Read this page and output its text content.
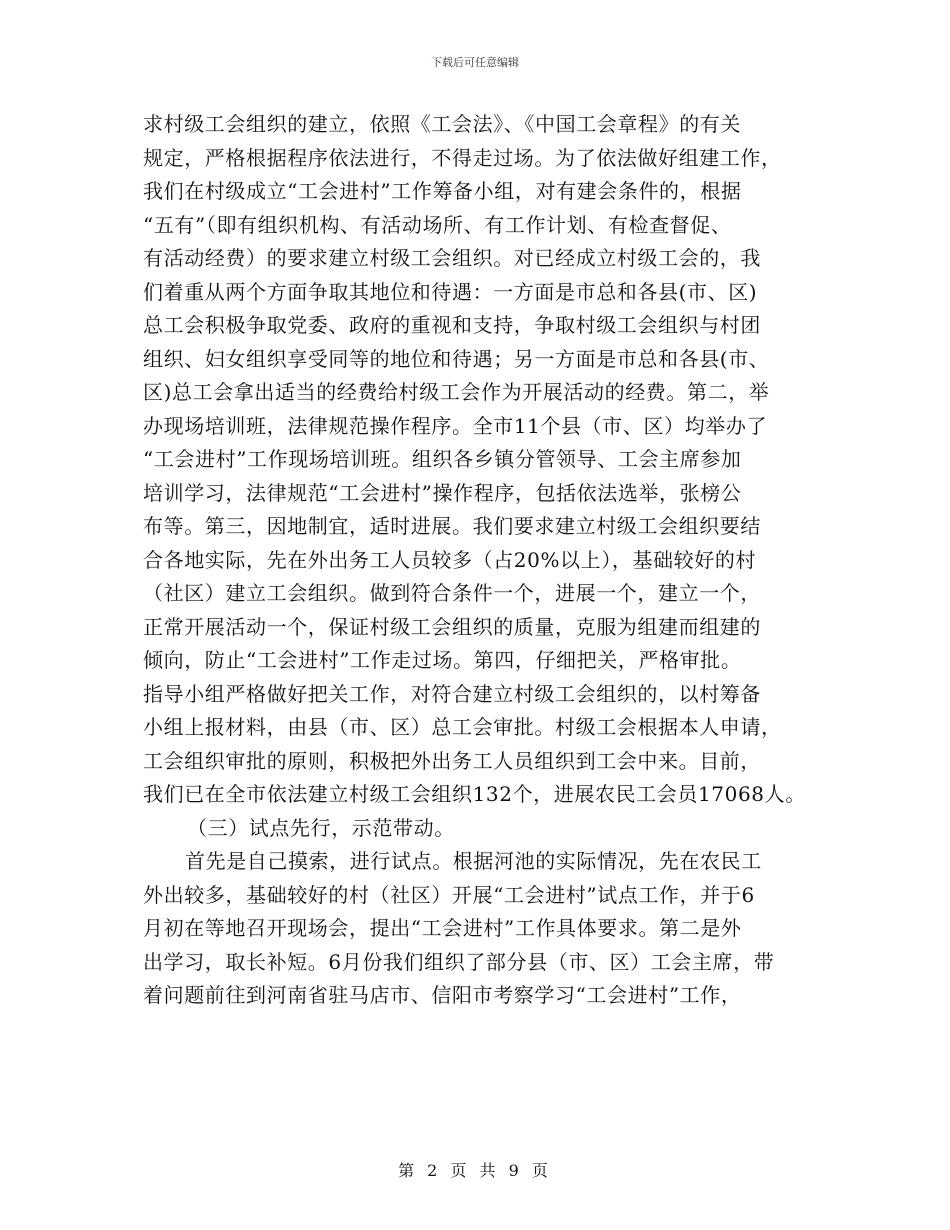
下载后可任意编辑
求村级工会组织的建立，依照《工会法》、《中国工会章程》的有关
规定，严格根据程序依法进行，不得走过场。为了依法做好组建工作，
我们在村级成立“工会进村”工作筹备小组，对有建会条件的，根据
“五有”（即有组织机构、有活动场所、有工作计划、有检查督促、
有活动经费）的要求建立村级工会组织。对已经成立村级工会的，我
们着重从两个方面争取其地位和待遇：一方面是市总和各县(市、区)
总工会积极争取党委、政府的重视和支持，争取村级工会组织与村团
组织、妇女组织享受同等的地位和待遇；另一方面是市总和各县(市、
区)总工会拿出适当的经费给村级工会作为开展活动的经费。第二，举
办现场培训班，法律规范操作程序。全市11个县（市、区）均举办了
“工会进村”工作现场培训班。组织各乡镇分管领导、工会主席参加
培训学习，法律规范“工会进村”操作程序，包括依法选举，张榜公
布等。第三，因地制宜，适时进展。我们要求建立村级工会组织要结
合各地实际，先在外出务工人员较多（占20%以上），基础较好的村
（社区）建立工会组织。做到符合条件一个，进展一个，建立一个，
正常开展活动一个，保证村级工会组织的质量，克服为组建而组建的
倾向，防止“工会进村”工作走过场。第四，仔细把关，严格审批。
指导小组严格做好把关工作，对符合建立村级工会组织的，以村筹备
小组上报材料，由县（市、区）总工会审批。村级工会根据本人申请，
工会组织审批的原则，积极把外出务工人员组织到工会中来。目前，
我们已在全市依法建立村级工会组织132个，进展农民工会员17068人。
（三）试点先行，示范带动。
首先是自己摸索，进行试点。根据河池的实际情况，先在农民工
外出较多，基础较好的村（社区）开展“工会进村”试点工作，并于6
月初在等地召开现场会，提出“工会进村”工作具体要求。第二是外
出学习，取长补短。6月份我们组织了部分县（市、区）工会主席，带
着问题前往到河南省驻马店市、信阳市考察学习“工会进村”工作，
第 2 页 共 9 页
